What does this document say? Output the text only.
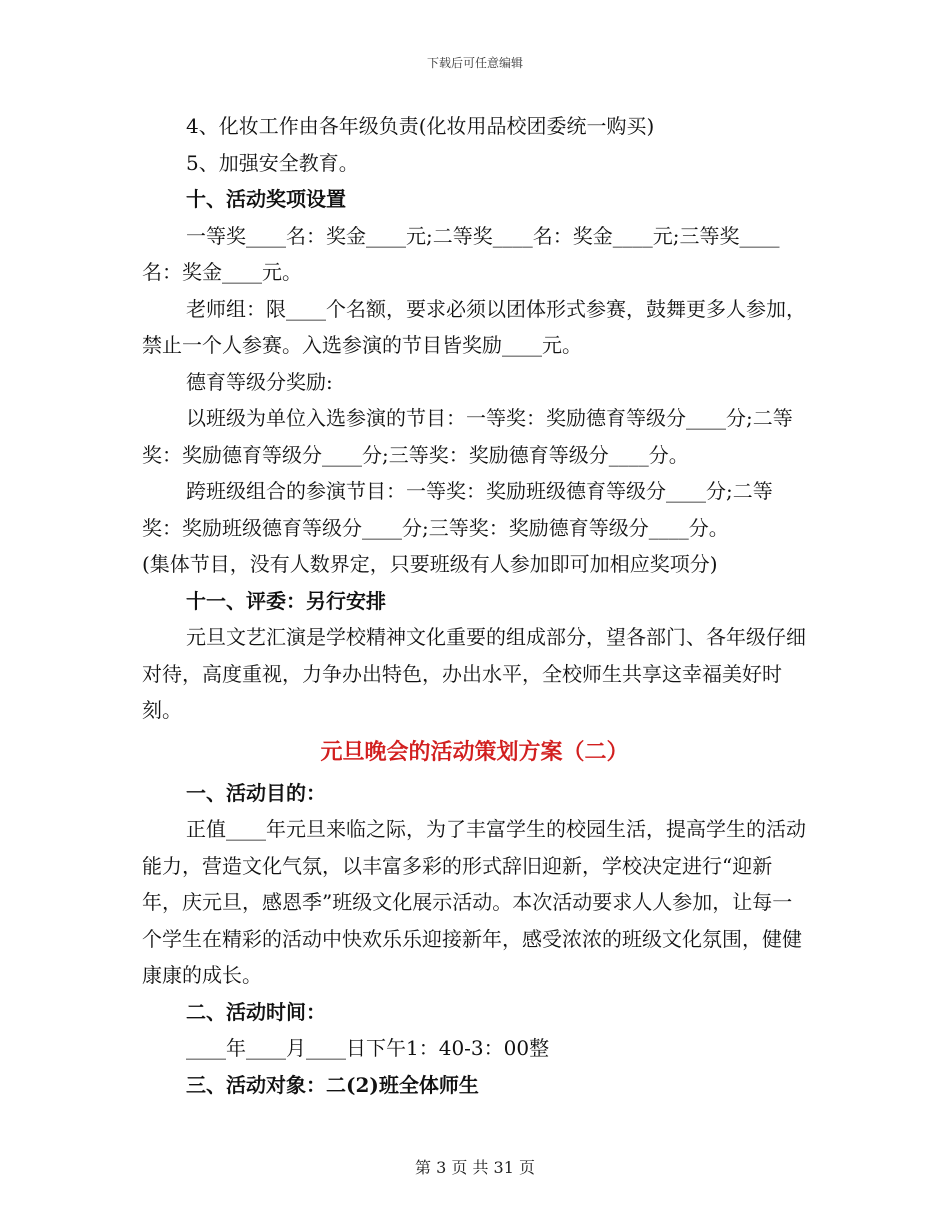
下载后可任意编辑

4、化妆工作由各年级负责(化妆用品校团委统一购买)

5、加强安全教育。

十、活动奖项设置

一等奖____名：奖金____元;二等奖____名：奖金____元;三等奖____名：奖金____元。

老师组：限____个名额，要求必须以团体形式参赛，鼓舞更多人参加，禁止一个人参赛。入选参演的节目皆奖励____元。

德育等级分奖励:

以班级为单位入选参演的节目：一等奖：奖励德育等级分____分;二等奖：奖励德育等级分____分;三等奖：奖励德育等级分____分。

跨班级组合的参演节目：一等奖：奖励班级德育等级分____分;二等奖：奖励班级德育等级分____分;三等奖：奖励德育等级分____分。

(集体节目，没有人数界定，只要班级有人参加即可加相应奖项分)

十一、评委：另行安排

元旦文艺汇演是学校精神文化重要的组成部分，望各部门、各年级仔细对待，高度重视，力争办出特色，办出水平，全校师生共享这幸福美好时刻。

元旦晚会的活动策划方案（二）

一、活动目的：

正值____年元旦来临之际，为了丰富学生的校园生活，提高学生的活动能力，营造文化气氛，以丰富多彩的形式辞旧迎新，学校决定进行“迎新年，庆元旦，感恩季”班级文化展示活动。本次活动要求人人参加，让每一个学生在精彩的活动中快欢乐乐迎接新年，感受浓浓的班级文化氛围，健健康康的成长。

二、活动时间：

____年____月____日下午1：40-3：00整

三、活动对象：二(2)班全体师生

第 3 页 共 31 页
